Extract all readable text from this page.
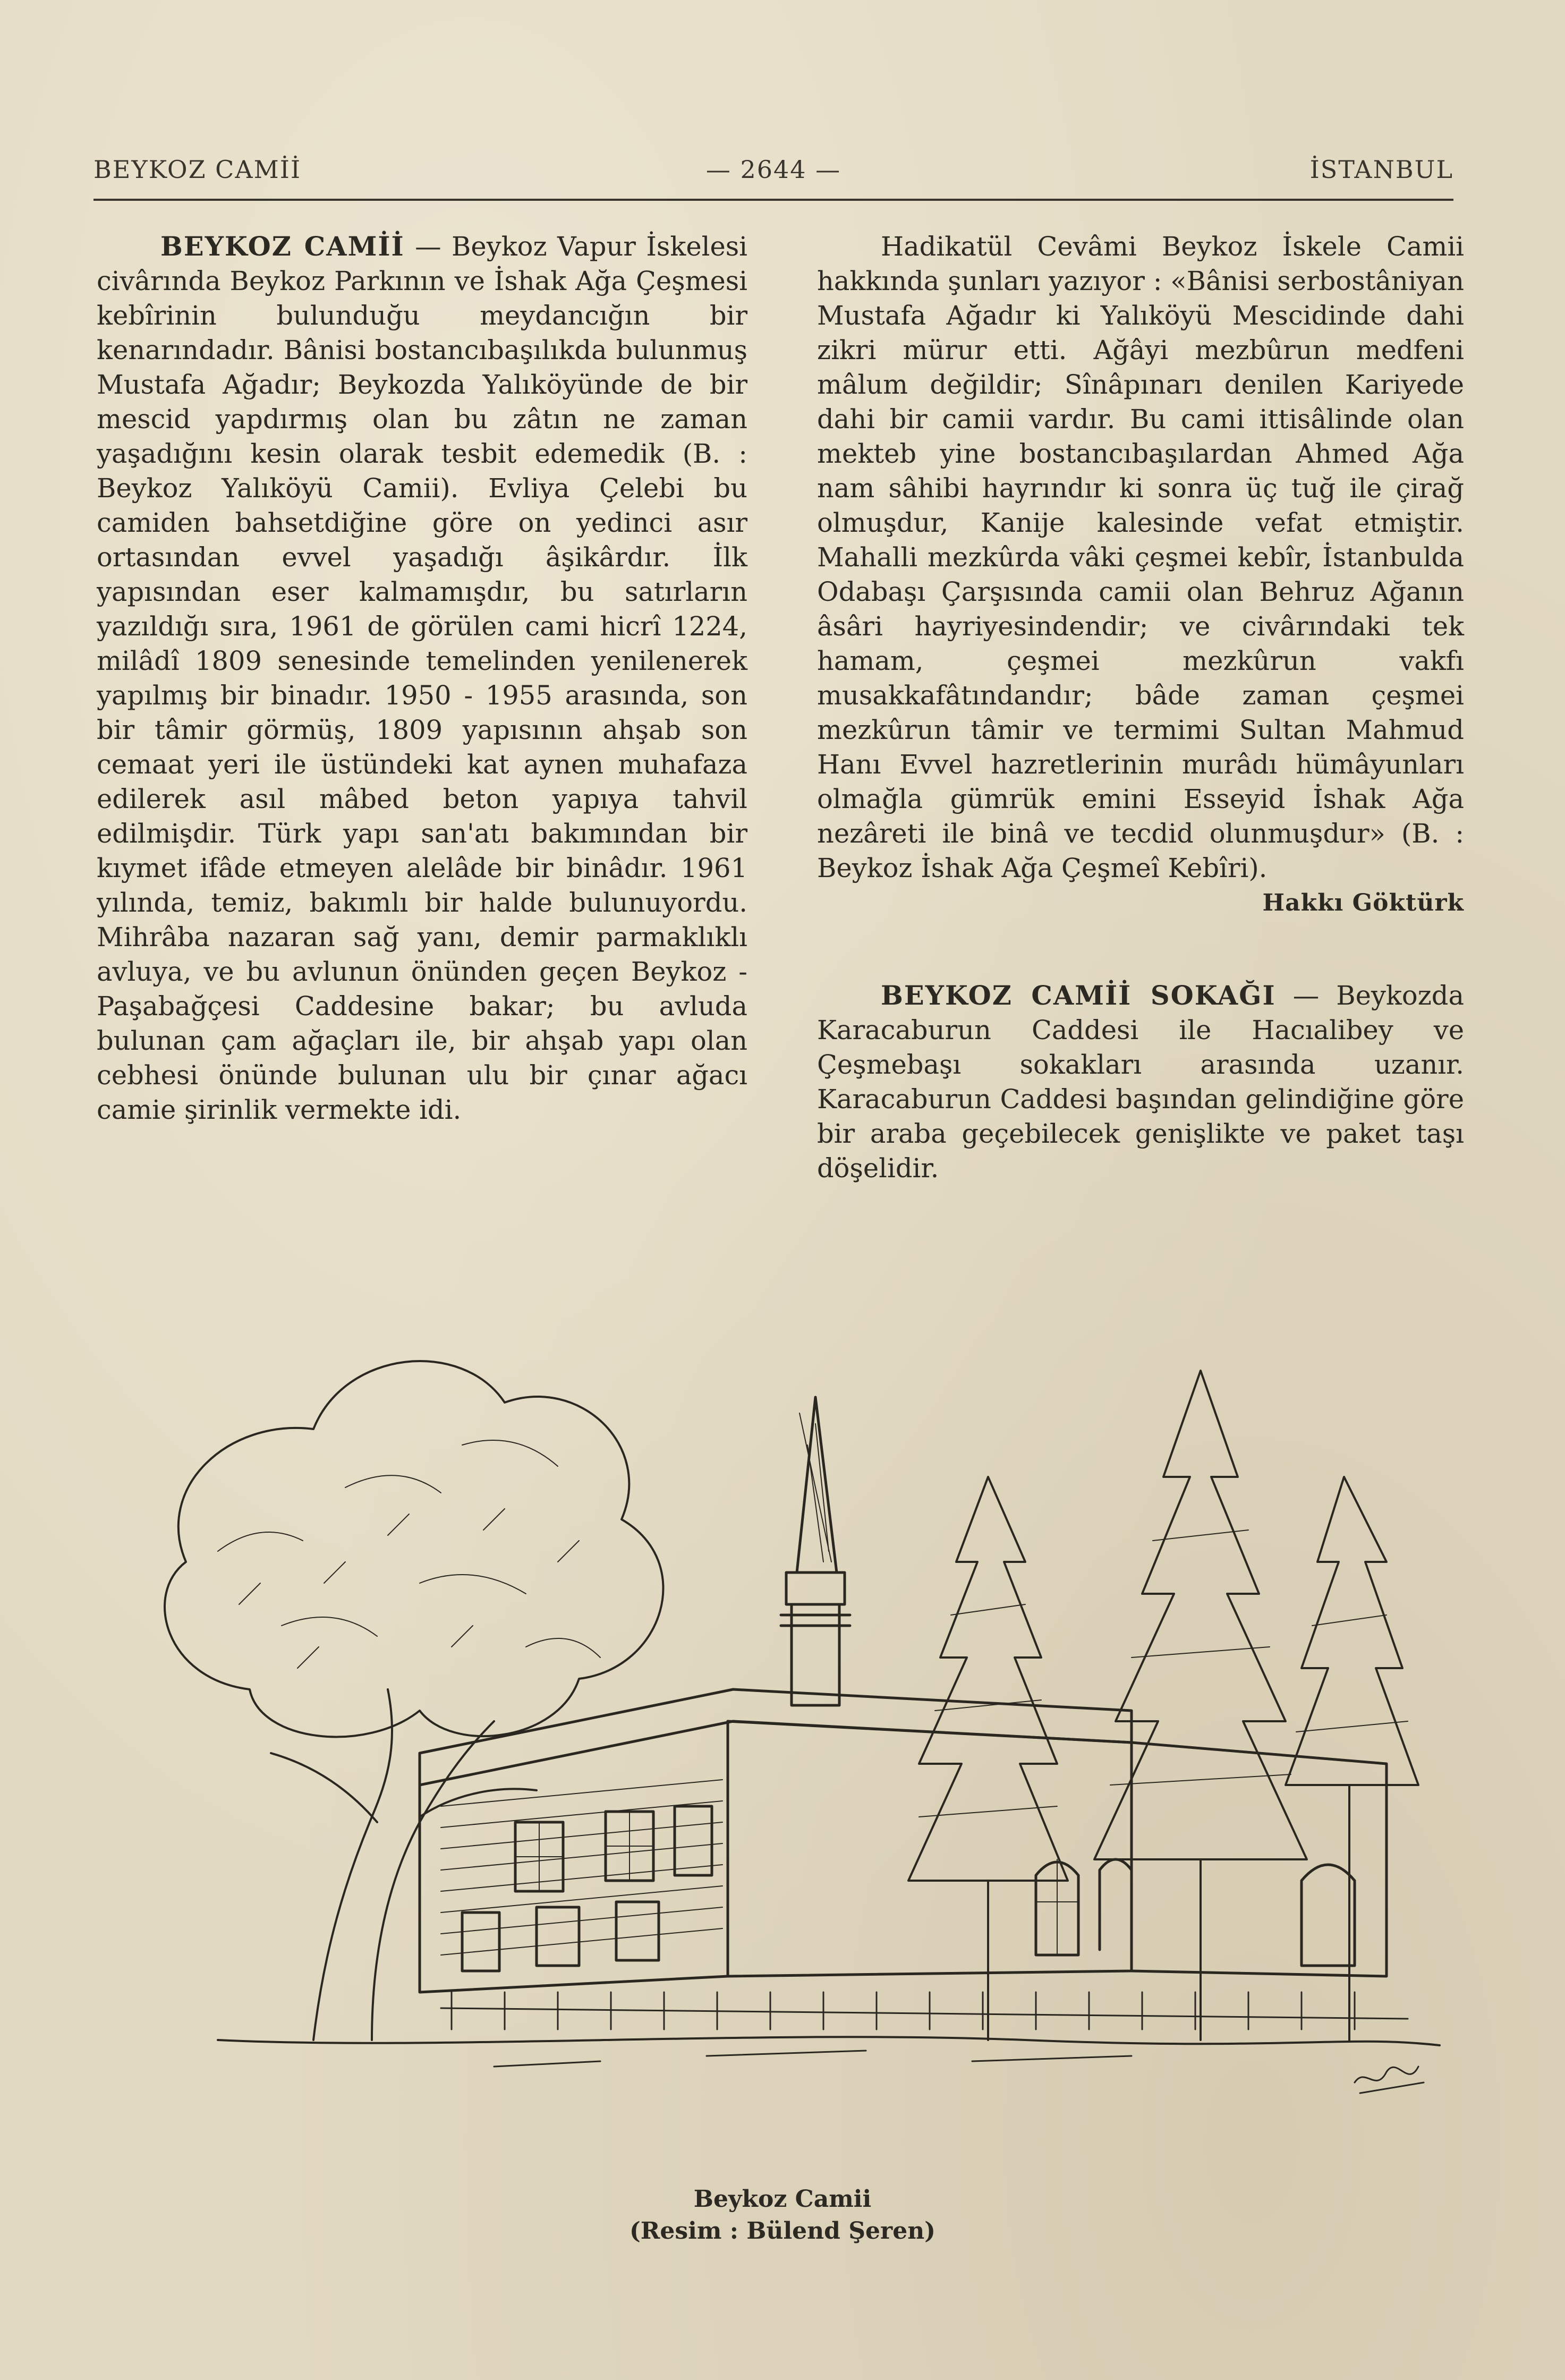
BEYKOZ CAMİİ	— 2644 —	İSTANBUL

BEYKOZ CAMİİ — Beykoz Vapur İskelesi civârında Beykoz Parkının ve İshak Ağa Çeşmesi kebîrinin bulunduğu meydancığın bir kenarındadır. Bânisi bostancıbaşılıkda bulunmuş Mustafa Ağadır; Beykozda Yalıköyünde de bir mescid yapdırmış olan bu zâtın ne zaman yaşadığını kesin olarak tesbit edemedik (B. : Beykoz Yalıköyü Camii). Evliya Çelebi bu camiden bahsetdiğine göre on yedinci asır ortasından evvel yaşadığı âşikârdır. İlk yapısından eser kalmamışdır, bu satırların yazıldığı sıra, 1961 de görülen cami hicrî 1224, milâdî 1809 senesinde temelinden yenilenerek yapılmış bir binadır. 1950 - 1955 arasında, son bir tâmir görmüş, 1809 yapısının ahşab son cemaat yeri ile üstündeki kat aynen muhafaza edilerek asıl mâbed beton yapıya tahvil edilmişdir. Türk yapı san'atı bakımından bir kıymet ifâde etmeyen alelâde bir binâdır. 1961 yılında, temiz, bakımlı bir halde bulunuyordu. Mihrâba nazaran sağ yanı, demir parmaklıklı avluya, ve bu avlunun önünden geçen Beykoz - Paşabağçesi Caddesine bakar; bu avluda bulunan çam ağaçları ile, bir ahşab yapı olan cebhesi önünde bulunan ulu bir çınar ağacı camie şirinlik vermekte idi.

Hadikatül Cevâmi Beykoz İskele Camii hakkında şunları yazıyor : «Bânisi serbostâniyan Mustafa Ağadır ki Yalıköyü Mescidinde dahi zikri mürur etti. Ağâyi mezbûrun medfeni mâlum değildir; Sînâpınarı denilen Kariyede dahi bir camii vardır. Bu cami ittisâlinde olan mekteb yine bostancıbaşılardan Ahmed Ağa nam sâhibi hayrındır ki sonra üç tuğ ile çirağ olmuşdur, Kanije kalesinde vefat etmiştir. Mahalli mezkûrda vâki çeşmei kebîr, İstanbulda Odabaşı Çarşısında camii olan Behruz Ağanın âsâri hayriyesindendir; ve civârındaki tek hamam, çeşmei mezkûrun vakfı musakkafâtındandır; bâde zaman çeşmei mezkûrun tâmir ve termimi Sultan Mahmud Hanı Evvel hazretlerinin murâdı hümâyunları olmağla gümrük emini Esseyid İshak Ağa nezâreti ile binâ ve tecdid olunmuşdur» (B. : Beykoz İshak Ağa Çeşmeî Kebîri).

Hakkı Göktürk

BEYKOZ CAMİİ SOKAĞI — Beykozda Karacaburun Caddesi ile Hacıalibey ve Çeşmebaşı sokakları arasında uzanır. Karacaburun Caddesi başından gelindiğine göre bir araba geçebilecek genişlikte ve paket taşı döşelidir.

Beykoz Camii
(Resim : Bülend Şeren)
